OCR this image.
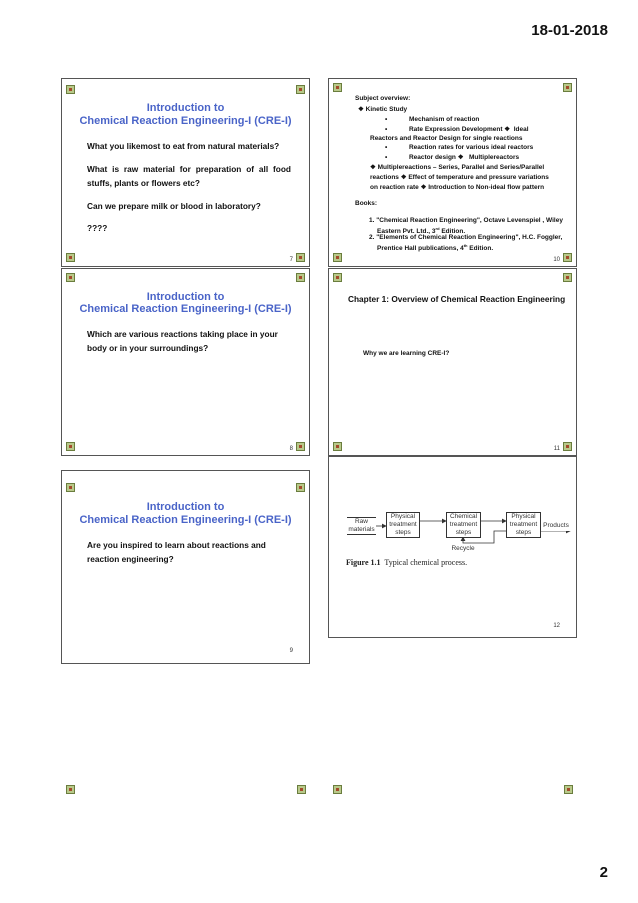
18-01-2018
Introduction to
Chemical Reaction Engineering-I (CRE-I)
What you likemost to eat from natural materials?
What is raw material for preparation of all food stuffs, plants or flowers etc?
Can we prepare milk or blood in laboratory?
????
7
Subject overview:
❖ Kinetic Study
•            Mechanism of reaction
•            Rate Expression Development ❖  Ideal
Reactors and Reactor Design for single reactions
•            Reaction rates for various ideal reactors
•            Reactor design ❖   Multiplereactors
❖ Multiplereactions – Series, Parallel and Series/Parallel
reactions ❖ Effect of temperature and pressure variations
on reaction rate ❖ Introduction to Non-ideal flow pattern
Books:
1. "Chemical Reaction Engineering", Octave Levenspiel , Wiley
Eastern Pvt. Ltd., 3rd Edition.
2. "Elements of Chemical Reaction Engineering", H.C. Foggler,
Prentice Hall publications, 4th Edition.
10
Introduction to
Chemical Reaction Engineering-I (CRE-I)
Which are various reactions taking place in your body or in your surroundings?
8
Chapter 1: Overview of Chemical Reaction Engineering
Why we are learning CRE-I?
11
Introduction to
Chemical Reaction Engineering-I (CRE-I)
Are you inspired to learn about reactions and reaction engineering?
9
Raw
materials
Physical treatment steps
Chemical treatment steps
Physical treatment steps
Products
Recycle
Figure 1.1  Typical chemical process.
12
2
